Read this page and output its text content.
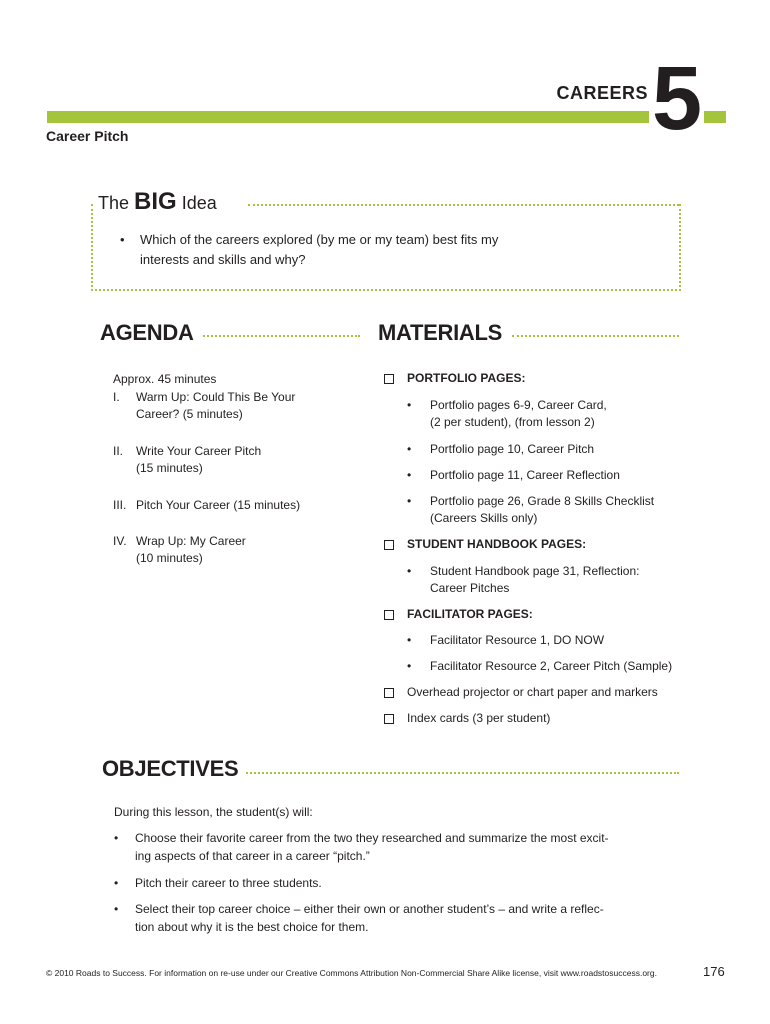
CAREERS 5
Career Pitch
The BIG Idea
• Which of the careers explored (by me or my team) best fits my
interests and skills and why?
AGENDA
Approx. 45 minutes
I. Warm Up: Could This Be Your
Career? (5 minutes)
II. Write Your Career Pitch
(15 minutes)
III. Pitch Your Career (15 minutes)
IV. Wrap Up: My Career
(10 minutes)
MATERIALS
PORTFOLIO PAGES:
• Portfolio pages 6-9, Career Card,
(2 per student), (from lesson 2)
• Portfolio page 10, Career Pitch
• Portfolio page 11, Career Reflection
• Portfolio page 26, Grade 8 Skills Checklist
(Careers Skills only)
STUDENT HANDBOOK PAGES:
• Student Handbook page 31, Reflection:
Career Pitches
FACILITATOR PAGES:
• Facilitator Resource 1, DO NOW
• Facilitator Resource 2, Career Pitch (Sample)
Overhead projector or chart paper and markers
Index cards (3 per student)
OBJECTIVES
During this lesson, the student(s) will:
• Choose their favorite career from the two they researched and summarize the most excit-
ing aspects of that career in a career “pitch.”
• Pitch their career to three students.
• Select their top career choice – either their own or another student’s – and write a reflec-
tion about why it is the best choice for them.
© 2010 Roads to Success. For information on re-use under our Creative Commons Attribution Non-Commercial Share Alike license, visit www.roadstosuccess.org.	176
